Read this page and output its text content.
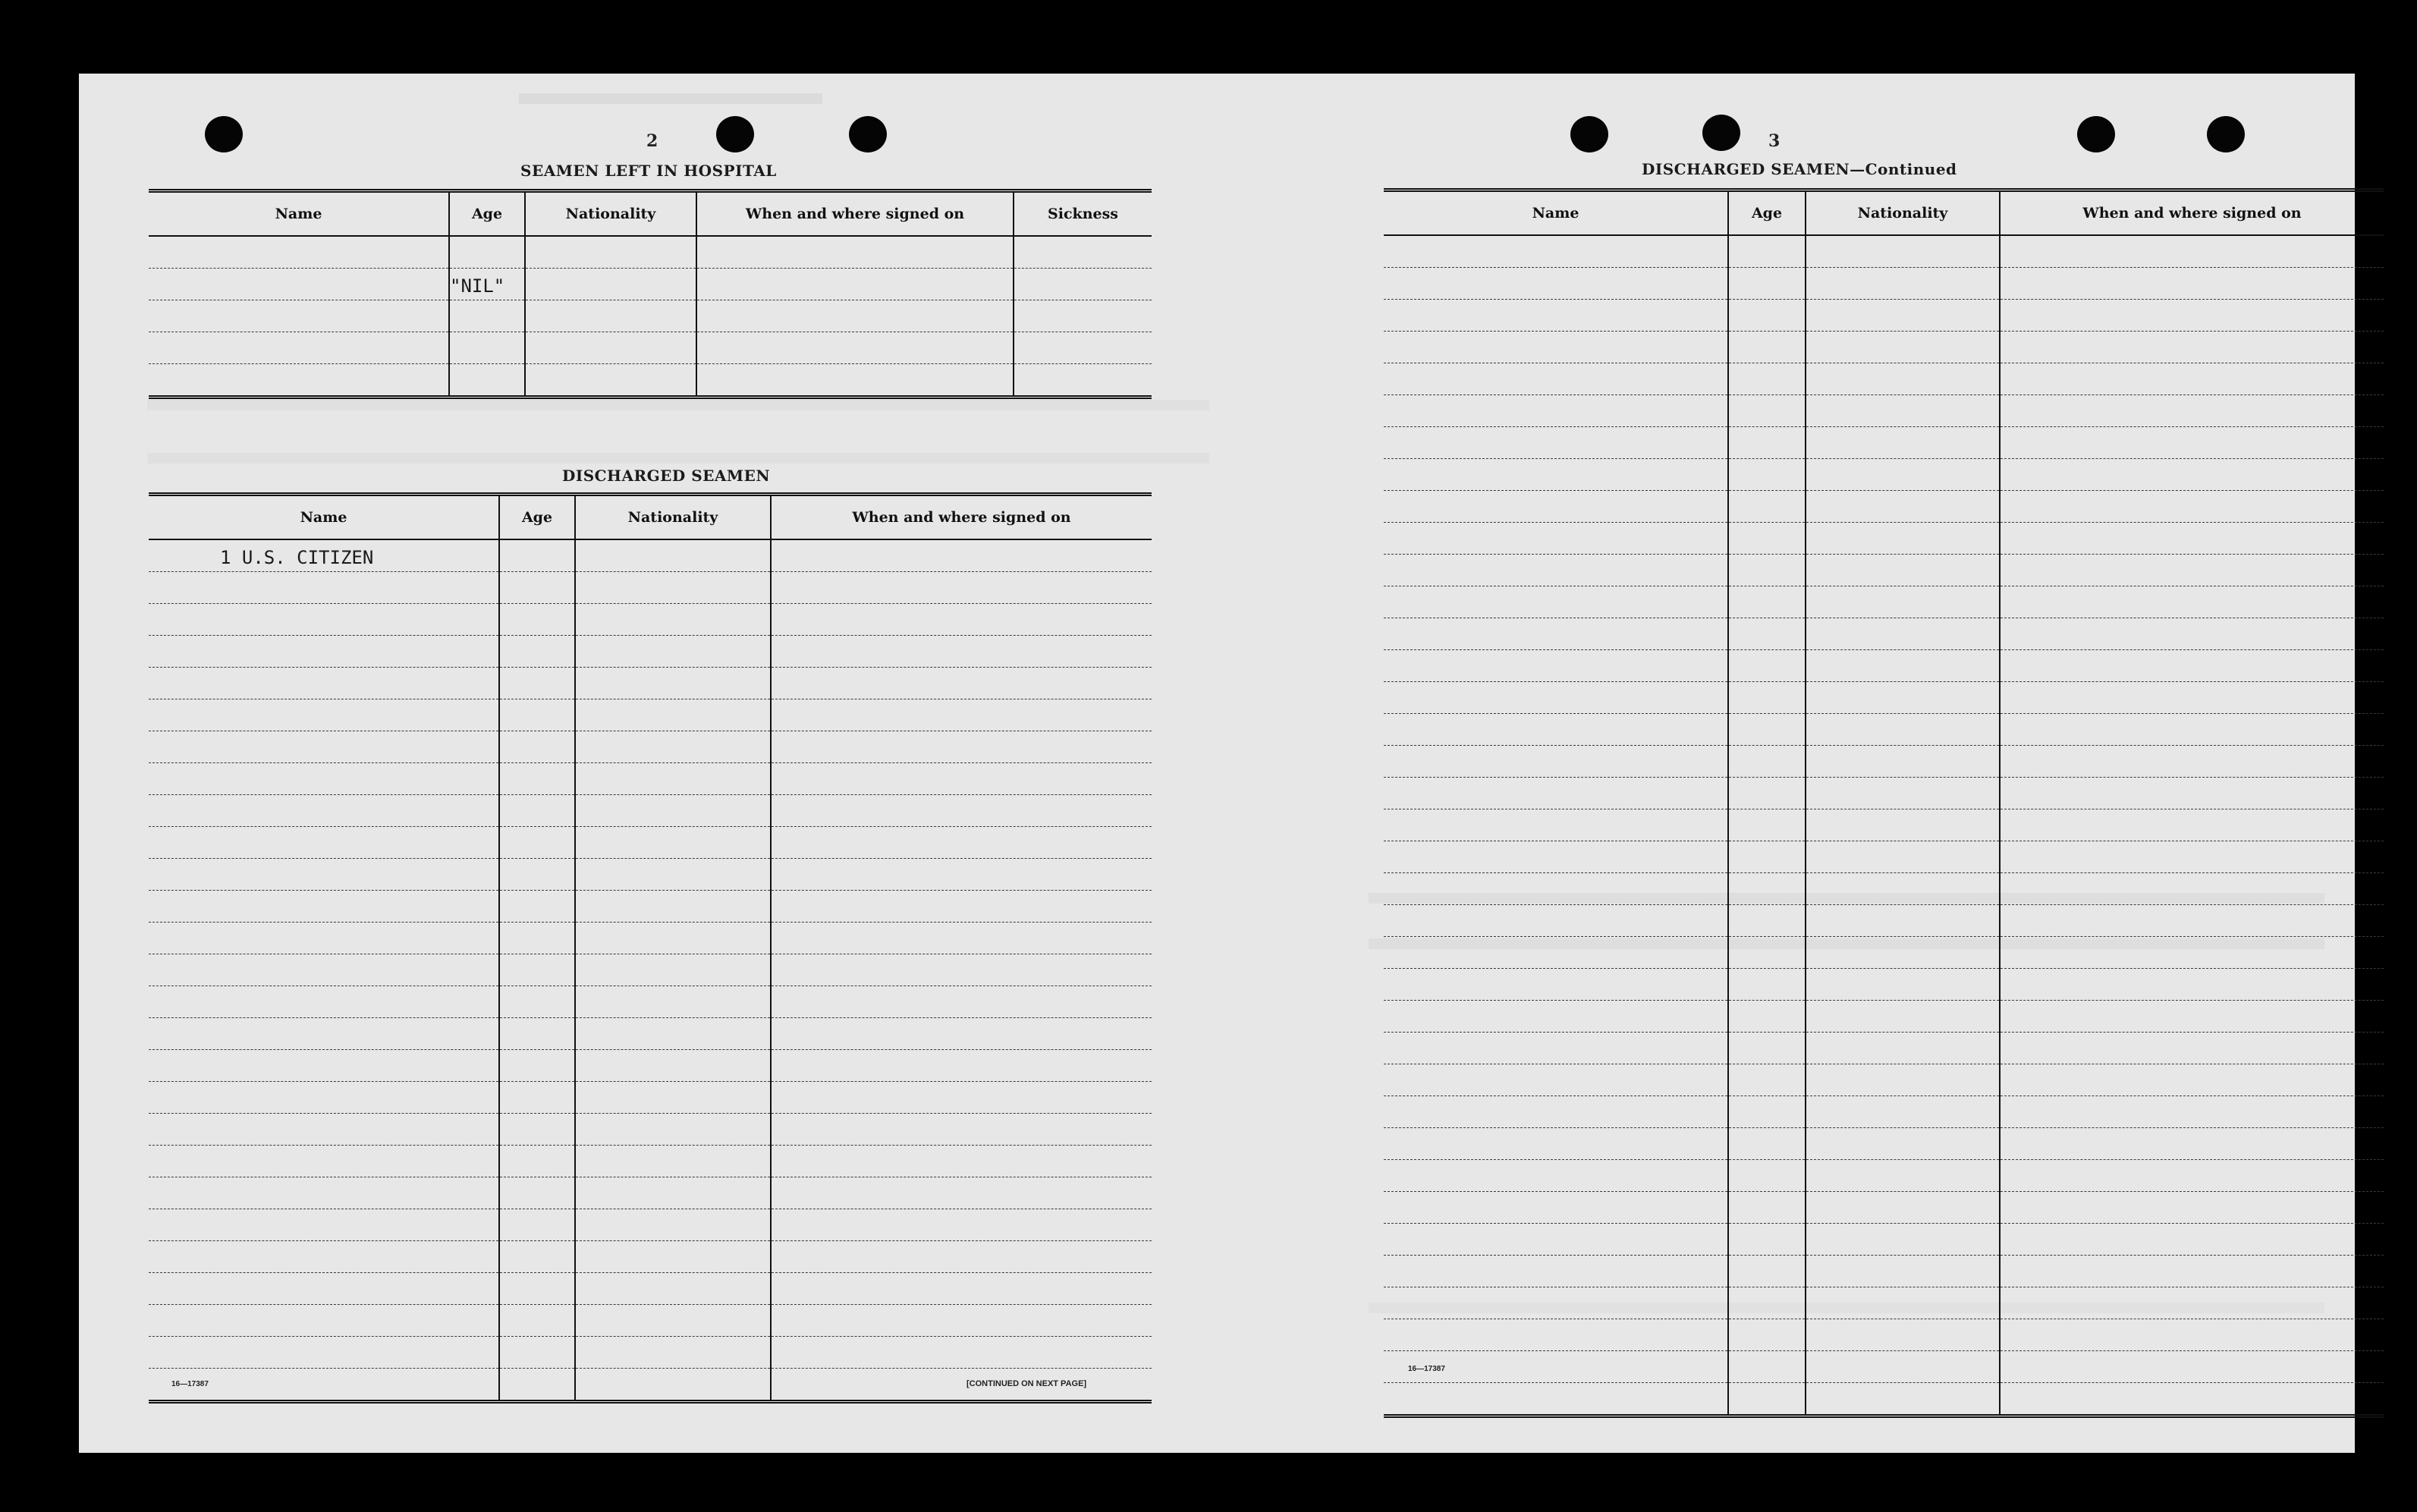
2
SEAMEN LEFT IN HOSPITAL
Name	Age	Nationality	When and where signed on	Sickness

	"NIL"			

DISCHARGED SEAMEN
Name	Age	Nationality	When and where signed on
1 U.S. CITIZEN			

16—17387	[CONTINUED ON NEXT PAGE]
3
DISCHARGED SEAMEN—Continued
Name	Age	Nationality	When and where signed on

16—17387
